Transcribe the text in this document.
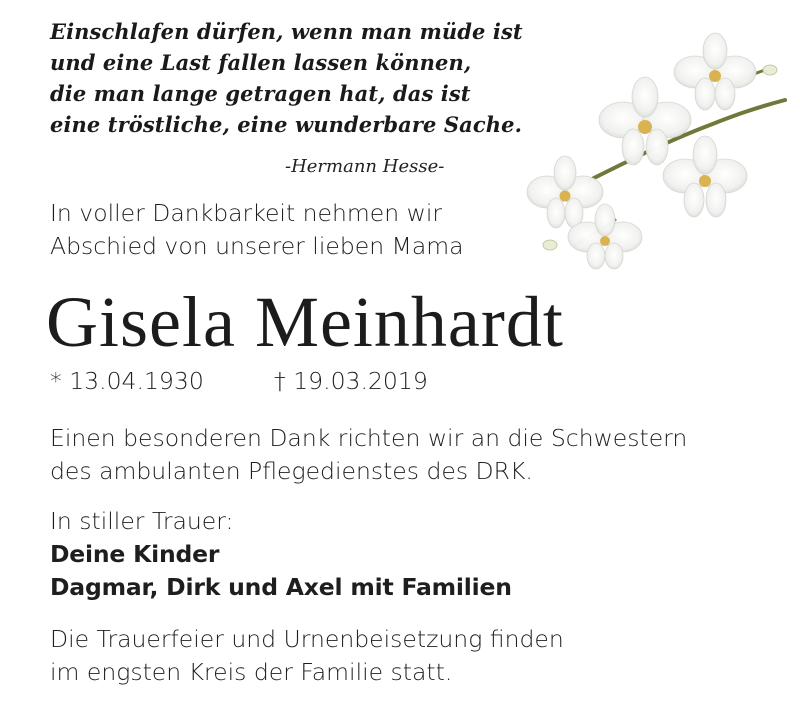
Einschlafen dürfen, wenn man müde ist
und eine Last fallen lassen können,
die man lange getragen hat, das ist
eine tröstliche, eine wunderbare Sache.
-Hermann Hesse-
In voller Dankbarkeit nehmen wir
Abschied von unserer lieben Mama
Gisela Meinhardt
* 13.04.1930	† 19.03.2019
Einen besonderen Dank richten wir an die Schwestern
des ambulanten Pflegedienstes des DRK.
In stiller Trauer:
Deine Kinder
Dagmar, Dirk und Axel mit Familien
Die Trauerfeier und Urnenbeisetzung finden
im engsten Kreis der Familie statt.
